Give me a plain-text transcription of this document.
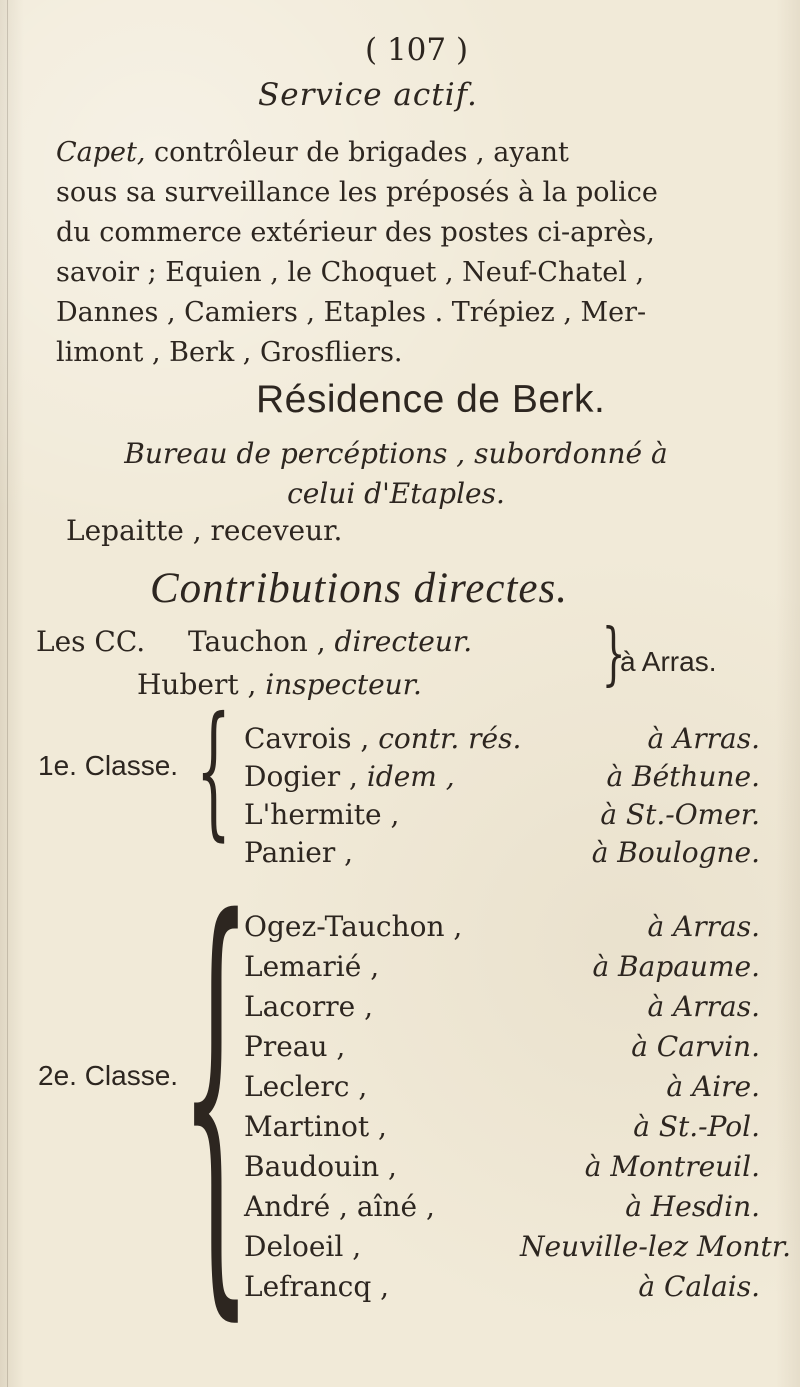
( 107 )
Service actif.
Capet, contrôleur de brigades , ayant
sous sa surveillance les préposés à la police
du commerce extérieur des postes ci-après,
savoir ; Equien , le Choquet , Neuf-Chatel ,
Dannes , Camiers , Etaples . Trépiez , Mer-
limont , Berk , Grosfliers.
Résidence de Berk.
Bureau de percéptions , subordonné à
celui d'Etaples.
Lepaitte , receveur.
Contributions directes.
Les CC. Tauchon , directeur.
Hubert , inspecteur.	}
à Arras.
1e. Classe. { Cavrois , contr. rés.	à Arras.
Dogier , idem ,	à Béthune.
L'hermite ,	à St.-Omer.
Panier ,	à Boulogne.
2e. Classe. {
Ogez-Tauchon ,	à Arras.
Lemarié ,	à Bapaume.
Lacorre ,	à Arras.
Preau ,	à Carvin.
Leclerc ,	à Aire.
Martinot ,	à St.-Pol.
Baudouin ,	à Montreuil.
André , aîné ,	à Hesdin.
Deloeil ,	Neuville-lez Montr.
Lefrancq ,	à Calais.
